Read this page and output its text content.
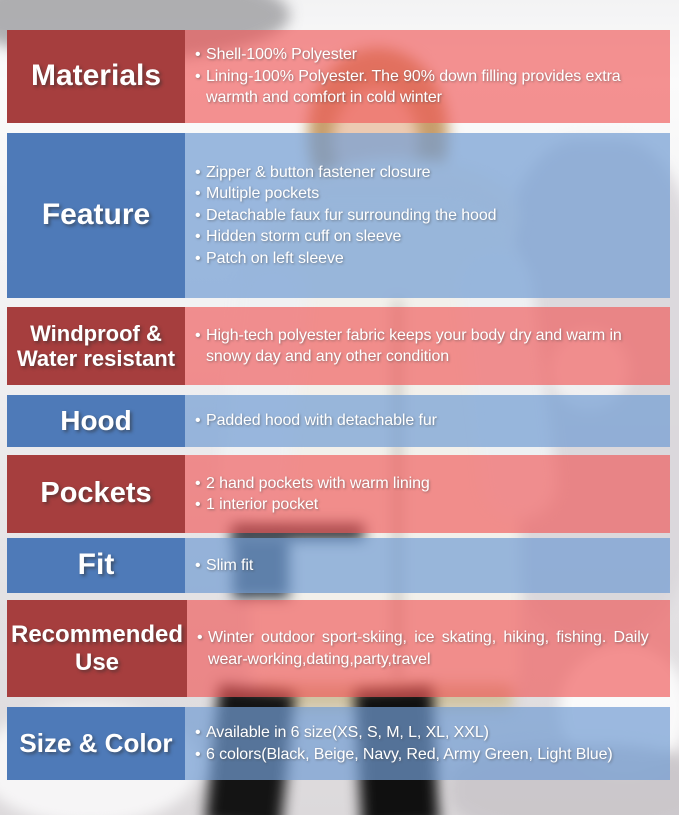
Materials
• Shell-100% Polyester
• Lining-100% Polyester. The 90% down filling provides extra warmth and comfort in cold winter
Feature
• Zipper & button fastener closure
• Multiple pockets
• Detachable faux fur surrounding the hood
• Hidden storm cuff on sleeve
• Patch on left sleeve
Windproof & Water resistant
• High-tech polyester fabric keeps your body dry and warm in snowy day and any other condition
Hood	• Padded hood with detachable fur
Pockets	• 2 hand pockets with warm lining
• 1 interior pocket
Fit	• Slim fit
Recommended Use
• Winter outdoor sport-skiing, ice skating, hiking, fishing. Daily wear-working,dating,party,travel
Size & Color	• Available in 6 size(XS, S, M, L, XL, XXL)
• 6 colors(Black, Beige, Navy, Red, Army Green, Light Blue)
